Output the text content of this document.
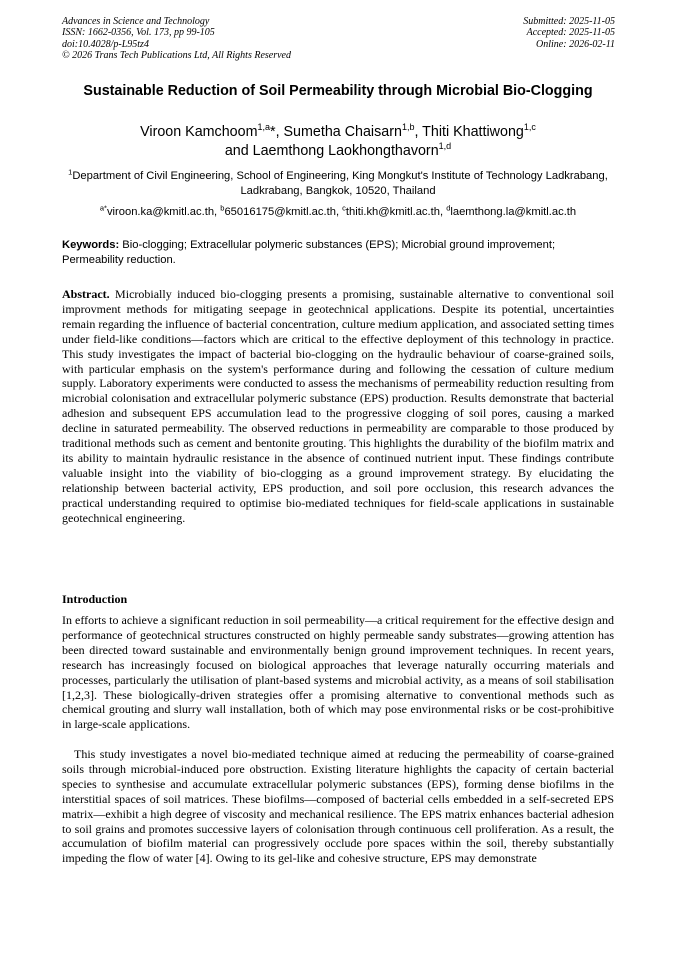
Advances in Science and Technology
ISSN: 1662-0356, Vol. 173, pp 99-105
doi:10.4028/p-L95tz4
© 2026 Trans Tech Publications Ltd, All Rights Reserved
Submitted: 2025-11-05
Accepted: 2025-11-05
Online: 2026-02-11
Sustainable Reduction of Soil Permeability through Microbial Bio-Clogging
Viroon Kamchoom$^{1,a}$*, Sumetha Chaisarn$^{1,b}$, Thiti Khattiwong$^{1,c}$
and Laemthong Laokhongthavorn$^{1,d}$
$^1$Department of Civil Engineering, School of Engineering, King Mongkut's Institute of Technology Ladkrabang, Ladkrabang, Bangkok, 10520, Thailand
$^{a*}$viroon.ka@kmitl.ac.th, $^b$65016175@kmitl.ac.th, $^c$thiti.kh@kmitl.ac.th, $^d$laemthong.la@kmitl.ac.th
Keywords: Bio-clogging; Extracellular polymeric substances (EPS); Microbial ground improvement; Permeability reduction.
Abstract. Microbially induced bio-clogging presents a promising, sustainable alternative to conventional soil improvment methods for mitigating seepage in geotechnical applications. Despite its potential, uncertainties remain regarding the influence of bacterial concentration, culture medium application, and associated setting times under field-like conditions—factors which are critical to the effective deployment of this technology in practice. This study investigates the impact of bacterial bio-clogging on the hydraulic behaviour of coarse-grained soils, with particular emphasis on the system's performance during and following the cessation of culture medium supply. Laboratory experiments were conducted to assess the mechanisms of permeability reduction resulting from microbial colonisation and extracellular polymeric substance (EPS) production. Results demonstrate that bacterial adhesion and subsequent EPS accumulation lead to the progressive clogging of soil pores, causing a marked decline in saturated permeability. The observed reductions in permeability are comparable to those produced by traditional methods such as cement and bentonite grouting. This highlights the durability of the biofilm matrix and its ability to maintain hydraulic resistance in the absence of continued nutrient input. These findings contribute valuable insight into the viability of bio-clogging as a ground improvement strategy. By elucidating the relationship between bacterial activity, EPS production, and soil pore occlusion, this research advances the practical understanding required to optimise bio-mediated techniques for field-scale applications in sustainable geotechnical engineering.
Introduction

In efforts to achieve a significant reduction in soil permeability—a critical requirement for the effective design and performance of geotechnical structures constructed on highly permeable sandy substrates—growing attention has been directed toward sustainable and environmentally benign ground improvement techniques. In recent years, research has increasingly focused on biological approaches that leverage naturally occurring materials and processes, particularly the utilisation of plant-based systems and microbial activity, as a means of soil stabilisation [1,2,3]. These biologically-driven strategies offer a promising alternative to conventional methods such as chemical grouting and slurry wall installation, both of which may pose environmental risks or be cost-prohibitive in large-scale applications.

This study investigates a novel bio-mediated technique aimed at reducing the permeability of coarse-grained soils through microbial-induced pore obstruction. Existing literature highlights the capacity of certain bacterial species to synthesise and accumulate extracellular polymeric substances (EPS), forming dense biofilms in the interstitial spaces of soil matrices. These biofilms—composed of bacterial cells embedded in a self-secreted EPS matrix—exhibit a high degree of viscosity and mechanical resilience. The EPS matrix enhances bacterial adhesion to soil grains and promotes successive layers of colonisation through continuous cell proliferation. As a result, the accumulation of biofilm material can progressively occlude pore spaces within the soil, thereby substantially impeding the flow of water [4]. Owing to its gel-like and cohesive structure, EPS may demonstrate
